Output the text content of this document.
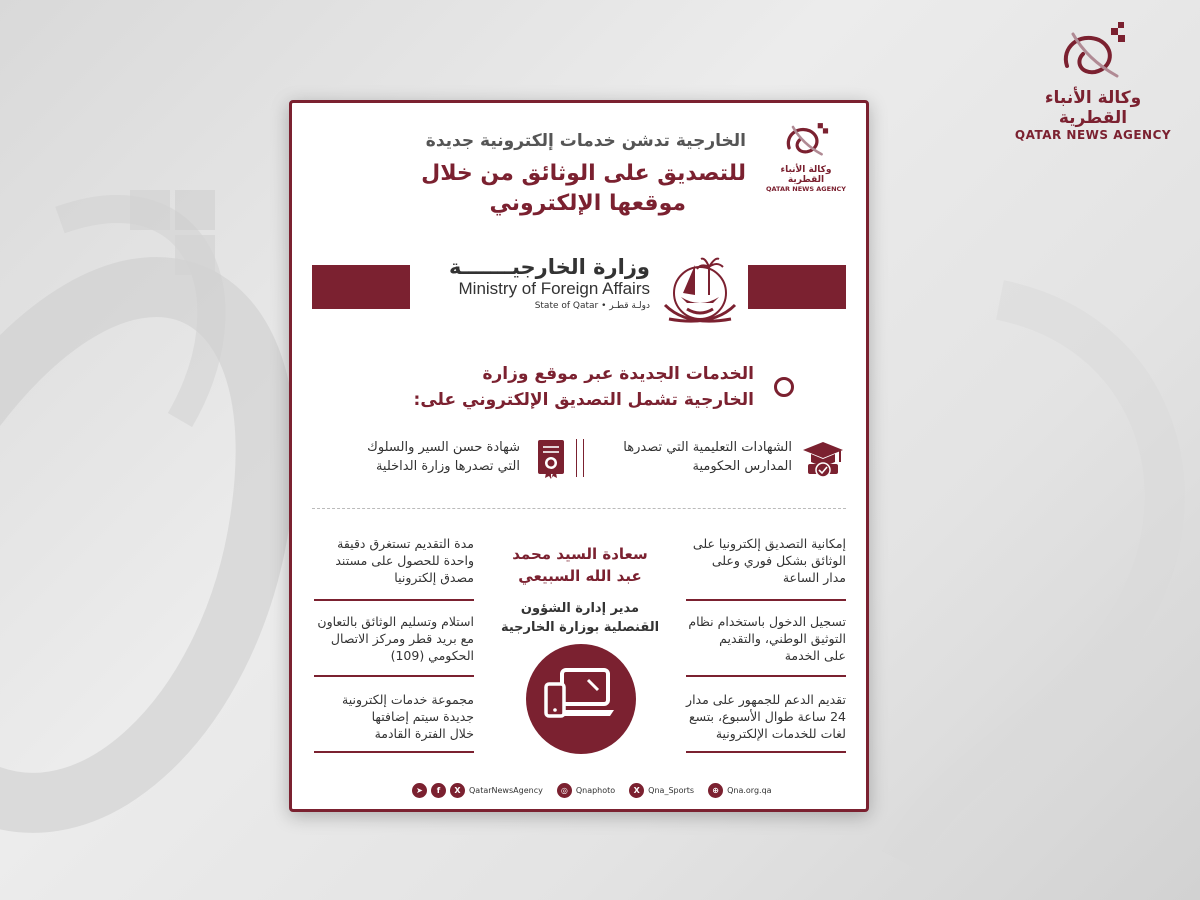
وكالة الأنباء القطرية
QATAR NEWS AGENCY
وكالة الأنباء القطرية
QATAR NEWS AGENCY
الخارجية تدشن خدمات إلكترونية جديدة
للتصديق على الوثائق من خلال
موقعها الإلكتروني
وزارة الخارجيـــــــة
Ministry of Foreign Affairs
State of Qatar • دولـة قطـر
الخدمات الجديدة عبر موقع وزارة
الخارجية تشمل التصديق الإلكتروني على:
الشهادات التعليمية التي تصدرها
المدارس الحكومية
شهادة حسن السير والسلوك
التي تصدرها وزارة الداخلية
إمكانية التصديق إلكترونيا على
الوثائق بشكل فوري وعلى
مدار الساعة
تسجيل الدخول باستخدام نظام
التوثيق الوطني، والتقديم
على الخدمة
تقديم الدعم للجمهور على مدار
24 ساعة طوال الأسبوع، بتسع
لغات للخدمات الإلكترونية
مدة التقديم تستغرق دقيقة
واحدة للحصول على مستند
مصدق إلكترونيا
استلام وتسليم الوثائق بالتعاون
مع بريد قطر ومركز الاتصال
الحكومي (109)
مجموعة خدمات إلكترونية
جديدة سيتم إضافتها
خلال الفترة القادمة
سعادة السيد محمد
عبد الله السبيعي
مدير إدارة الشؤون
القنصلية بوزارة الخارجية
➤	f	X	QatarNewsAgency	◎	Qnaphoto	X	Qna_Sports	⊕	Qna.org.qa
